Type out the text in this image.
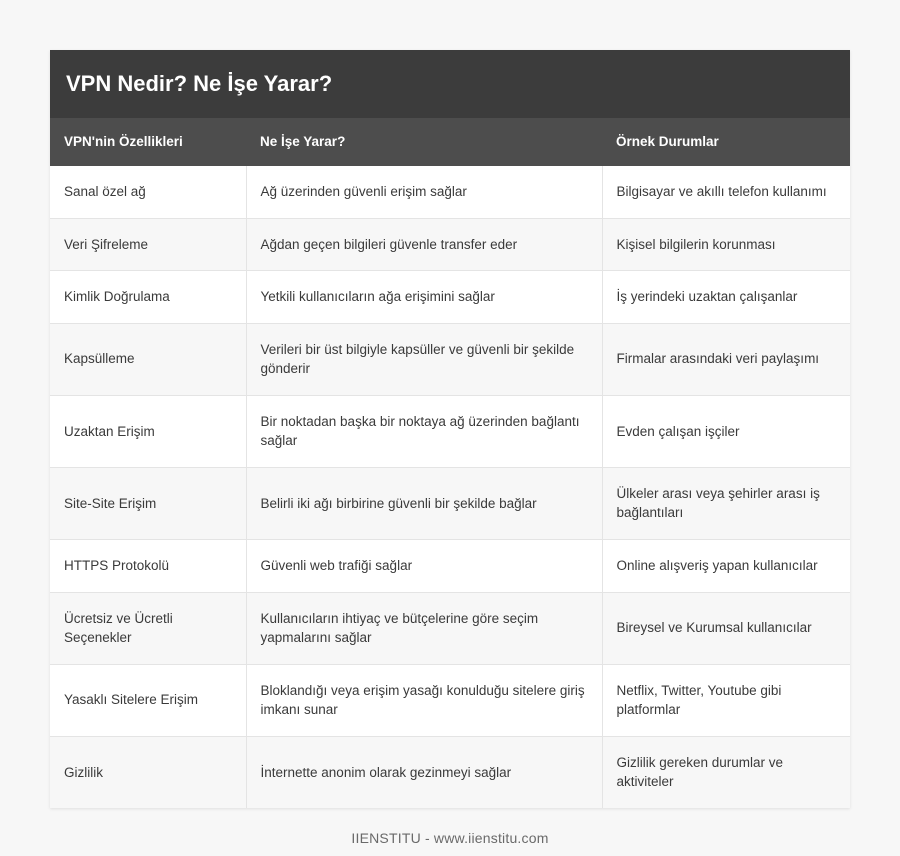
VPN Nedir? Ne İşe Yarar?
VPN'nin Özellikleri	Ne İşe Yarar?	Örnek Durumlar
Sanal özel ağ	Ağ üzerinden güvenli erişim sağlar	Bilgisayar ve akıllı telefon kullanımı
Veri Şifreleme	Ağdan geçen bilgileri güvenle transfer eder	Kişisel bilgilerin korunması
Kimlik Doğrulama	Yetkili kullanıcıların ağa erişimini sağlar	İş yerindeki uzaktan çalışanlar
Kapsülleme	Verileri bir üst bilgiyle kapsüller ve güvenli bir şekilde gönderir	Firmalar arasındaki veri paylaşımı
Uzaktan Erişim	Bir noktadan başka bir noktaya ağ üzerinden bağlantı sağlar	Evden çalışan işçiler
Site-Site Erişim	Belirli iki ağı birbirine güvenli bir şekilde bağlar	Ülkeler arası veya şehirler arası iş bağlantıları
HTTPS Protokolü	Güvenli web trafiği sağlar	Online alışveriş yapan kullanıcılar
Ücretsiz ve Ücretli Seçenekler	Kullanıcıların ihtiyaç ve bütçelerine göre seçim yapmalarını sağlar	Bireysel ve Kurumsal kullanıcılar
Yasaklı Sitelere Erişim	Bloklandığı veya erişim yasağı konulduğu sitelere giriş imkanı sunar	Netflix, Twitter, Youtube gibi platformlar
Gizlilik	İnternette anonim olarak gezinmeyi sağlar	Gizlilik gereken durumlar ve aktiviteler
IIENSTITU - www.iienstitu.com
